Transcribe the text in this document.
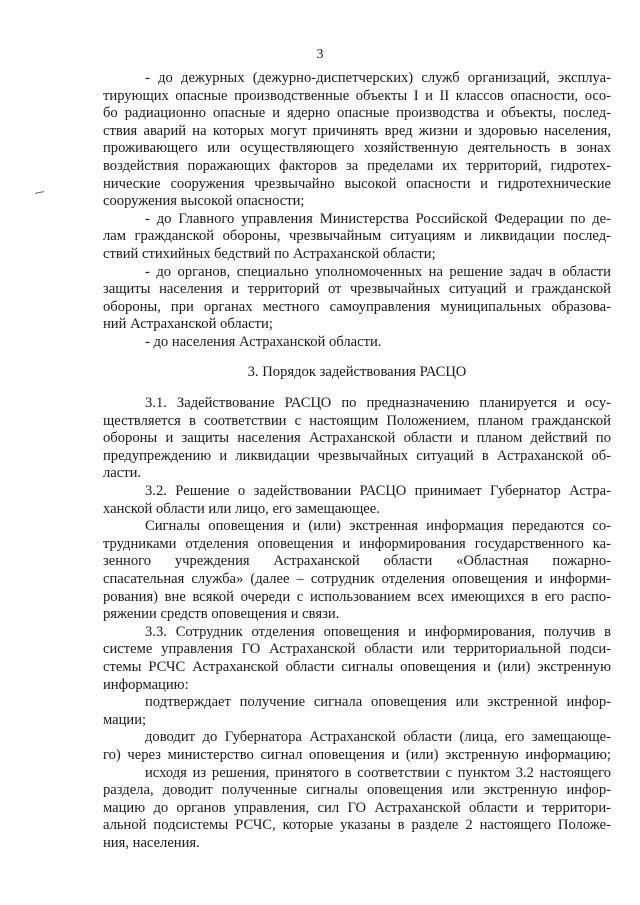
3
- до дежурных (дежурно-диспетчерских) служб организаций, эксплуа-
тирующих опасные производственные объекты I и II классов опасности, осо-
бо радиационно опасные и ядерно опасные производства и объекты, послед-
ствия аварий на которых могут причинять вред жизни и здоровью населения,
проживающего или осуществляющего хозяйственную деятельность в зонах
воздействия поражающих факторов за пределами их территорий, гидротех-
нические сооружения чрезвычайно высокой опасности и гидротехнические
сооружения высокой опасности;
- до Главного управления Министерства Российской Федерации по де-
лам гражданской обороны, чрезвычайным ситуациям и ликвидации послед-
ствий стихийных бедствий по Астраханской области;
- до органов, специально уполномоченных на решение задач в области
защиты населения и территорий от чрезвычайных ситуаций и гражданской
обороны, при органах местного самоуправления муниципальных образова-
ний Астраханской области;
- до населения Астраханской области.
3. Порядок задействования РАСЦО
3.1. Задействование РАСЦО по предназначению планируется и осу-
ществляется в соответствии с настоящим Положением, планом гражданской
обороны и защиты населения Астраханской области и планом действий по
предупреждению и ликвидации чрезвычайных ситуаций в Астраханской об-
ласти.
3.2. Решение о задействовании РАСЦО принимает Губернатор Астра-
ханской области или лицо, его замещающее.
Сигналы оповещения и (или) экстренная информация передаются со-
трудниками отделения оповещения и информирования государственного ка-
зенного учреждения Астраханской области «Областная пожарно-
спасательная служба» (далее – сотрудник отделения оповещения и информи-
рования) вне всякой очереди с использованием всех имеющихся в его распо-
ряжении средств оповещения и связи.
3.3. Сотрудник отделения оповещения и информирования, получив в
системе управления ГО Астраханской области или территориальной подси-
стемы РСЧС Астраханской области сигналы оповещения и (или) экстренную
информацию:
подтверждает получение сигнала оповещения или экстренной инфор-
мации;
доводит до Губернатора Астраханской области (лица, его замещающе-
го) через министерство сигнал оповещения и (или) экстренную информацию;
исходя из решения, принятого в соответствии с пунктом 3.2 настоящего
раздела, доводит полученные сигналы оповещения или экстренную инфор-
мацию до органов управления, сил ГО Астраханской области и территори-
альной подсистемы РСЧС, которые указаны в разделе 2 настоящего Положе-
ния, населения.
